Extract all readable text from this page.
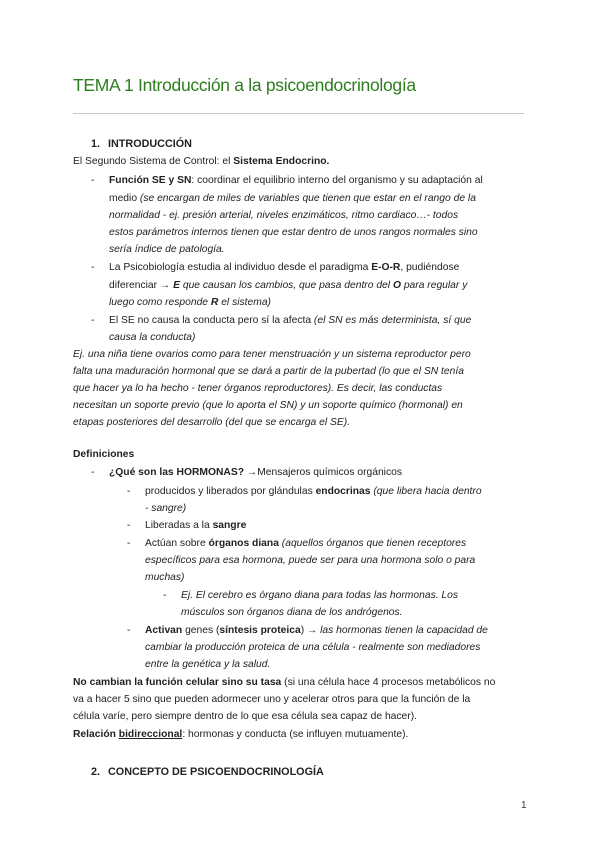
TEMA 1 Introducción a la psicoendocrinología
1. INTRODUCCIÓN
El Segundo Sistema de Control: el Sistema Endocrino.
- Función SE y SN: coordinar el equilibrio interno del organismo y su adaptación al
medio (se encargan de miles de variables que tienen que estar en el rango de la
normalidad - ej. presión arterial, niveles enzimáticos, ritmo cardiaco…- todos
estos parámetros internos tienen que estar dentro de unos rangos normales sino
sería índice de patología.
- La Psicobiología estudia al individuo desde el paradigma E-O-R, pudiéndose
diferenciar → E que causan los cambios, que pasa dentro del O para regular y
luego como responde R el sistema)
- El SE no causa la conducta pero sí la afecta (el SN es más determinista, sí que
causa la conducta)
Ej. una niña tiene ovarios como para tener menstruación y un sistema reproductor pero
falta una maduración hormonal que se dará a partir de la pubertad (lo que el SN tenía
que hacer ya lo ha hecho - tener órganos reproductores). Es decir, las conductas
necesitan un soporte previo (que lo aporta el SN) y un soporte químico (hormonal) en
etapas posteriores del desarrollo (del que se encarga el SE).
Definiciones
- ¿Qué son las HORMONAS? →Mensajeros químicos orgánicos
- producidos y liberados por glándulas endocrinas (que libera hacia dentro
- sangre)
- Liberadas a la sangre
- Actúan sobre órganos diana (aquellos órganos que tienen receptores
específicos para esa hormona, puede ser para una hormona solo o para
muchas)
- Ej. El cerebro es órgano diana para todas las hormonas. Los
músculos son órganos diana de los andrógenos.
- Activan genes (síntesis proteica) → las hormonas tienen la capacidad de
cambiar la producción proteica de una célula - realmente son mediadores
entre la genética y la salud.
No cambian la función celular sino su tasa (si una célula hace 4 procesos metabólicos no
va a hacer 5 sino que pueden adormecer uno y acelerar otros para que la función de la
célula varíe, pero siempre dentro de lo que esa célula sea capaz de hacer).
Relación bidireccional: hormonas y conducta (se influyen mutuamente).
2. CONCEPTO DE PSICOENDOCRINOLOGÍA
1
